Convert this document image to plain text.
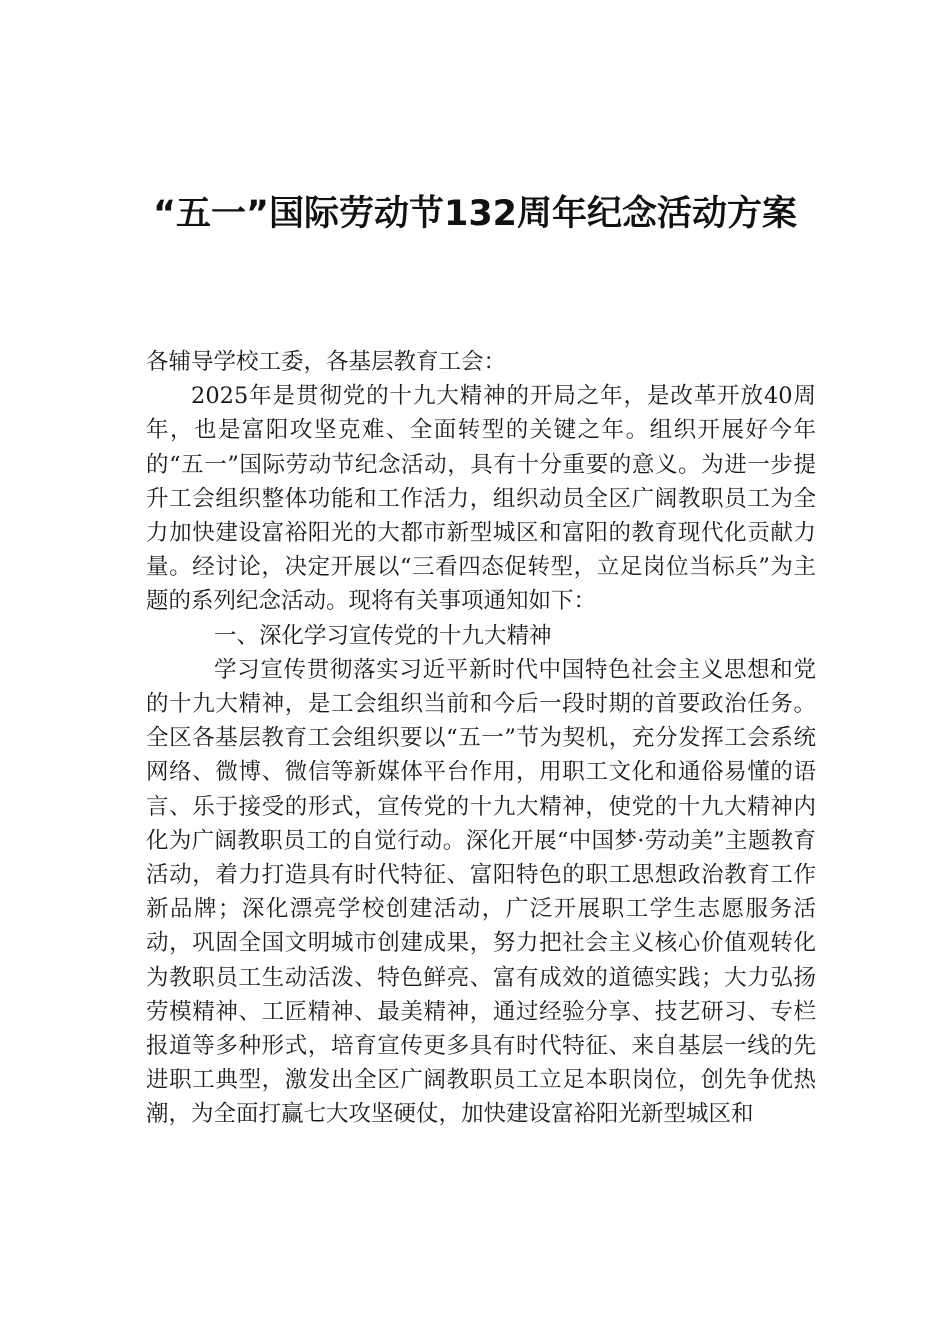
“五一”国际劳动节132周年纪念活动方案

各辅导学校工委，各基层教育工会：

2025年是贯彻党的十九大精神的开局之年，是改革开放40周年，也是富阳攻坚克难、全面转型的关键之年。组织开展好今年的“五一”国际劳动节纪念活动，具有十分重要的意义。为进一步提升工会组织整体功能和工作活力，组织动员全区广阔教职员工为全力加快建设富裕阳光的大都市新型城区和富阳的教育现代化贡献力量。经讨论，决定开展以“三看四态促转型，立足岗位当标兵”为主题的系列纪念活动。现将有关事项通知如下：

一、深化学习宣传党的十九大精神

学习宣传贯彻落实习近平新时代中国特色社会主义思想和党的十九大精神，是工会组织当前和今后一段时期的首要政治任务。全区各基层教育工会组织要以“五一”节为契机，充分发挥工会系统网络、微博、微信等新媒体平台作用，用职工文化和通俗易懂的语言、乐于接受的形式，宣传党的十九大精神，使党的十九大精神内化为广阔教职员工的自觉行动。深化开展“中国梦·劳动美”主题教育活动，着力打造具有时代特征、富阳特色的职工思想政治教育工作新品牌；深化漂亮学校创建活动，广泛开展职工学生志愿服务活动，巩固全国文明城市创建成果，努力把社会主义核心价值观转化为教职员工生动活泼、特色鲜亮、富有成效的道德实践；大力弘扬劳模精神、工匠精神、最美精神，通过经验分享、技艺研习、专栏报道等多种形式，培育宣传更多具有时代特征、来自基层一线的先进职工典型，激发出全区广阔教职员工立足本职岗位，创先争优热潮，为全面打赢七大攻坚硬仗，加快建设富裕阳光新型城区和
